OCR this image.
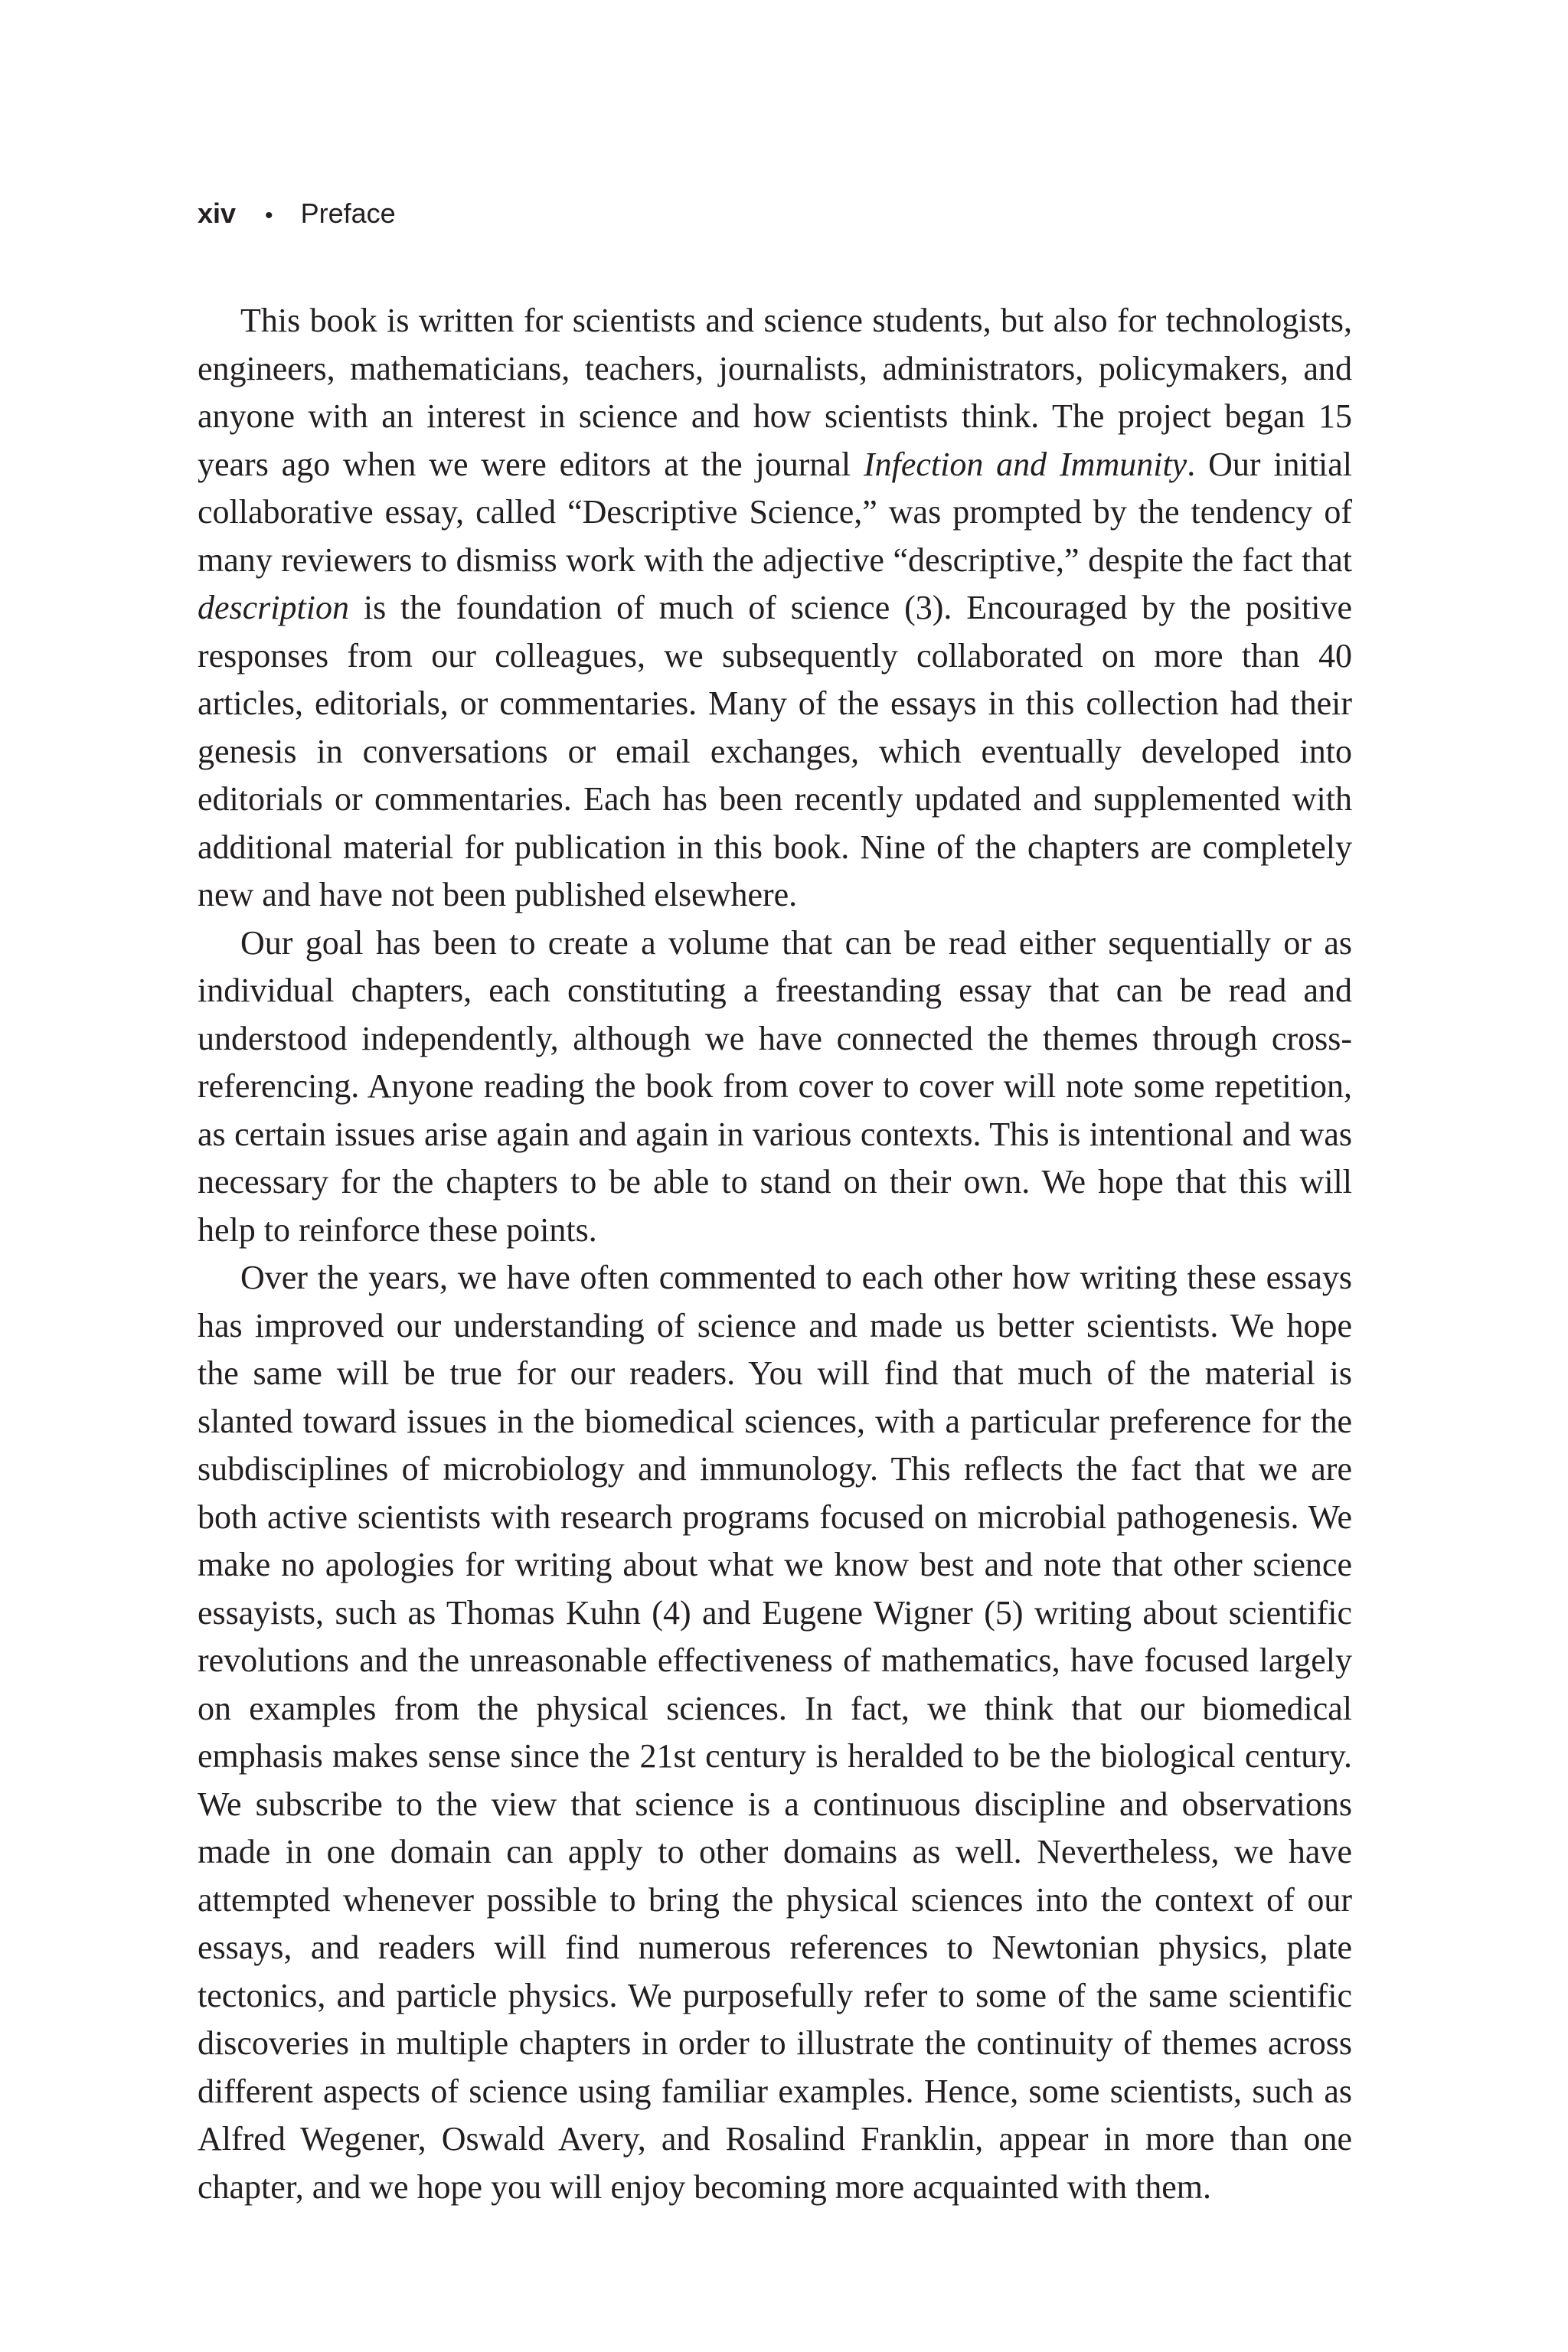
xiv • Preface

This book is written for scientists and science students, but also for technologists, engineers, mathematicians, teachers, journalists, administrators, policymakers, and anyone with an interest in science and how scientists think. The project began 15 years ago when we were editors at the journal Infection and Immunity. Our initial collaborative essay, called “Descriptive Science,” was prompted by the tendency of many reviewers to dismiss work with the adjective “descriptive,” despite the fact that description is the foundation of much of science (3). Encouraged by the positive responses from our colleagues, we subsequently collaborated on more than 40 articles, editorials, or commentaries. Many of the essays in this collection had their genesis in conversations or email exchanges, which eventually developed into editorials or commentaries. Each has been recently updated and supplemented with additional material for publication in this book. Nine of the chapters are completely new and have not been published elsewhere.

Our goal has been to create a volume that can be read either sequentially or as individual chapters, each constituting a freestanding essay that can be read and understood independently, although we have connected the themes through cross-referencing. Anyone reading the book from cover to cover will note some repetition, as certain issues arise again and again in various contexts. This is intentional and was necessary for the chapters to be able to stand on their own. We hope that this will help to reinforce these points.

Over the years, we have often commented to each other how writing these essays has improved our understanding of science and made us better scientists. We hope the same will be true for our readers. You will find that much of the material is slanted toward issues in the biomedical sciences, with a particular preference for the subdisciplines of microbiology and immunology. This reflects the fact that we are both active scientists with research programs focused on microbial pathogenesis. We make no apologies for writing about what we know best and note that other science essayists, such as Thomas Kuhn (4) and Eugene Wigner (5) writing about scientific revolutions and the unreasonable effectiveness of mathematics, have focused largely on examples from the physical sciences. In fact, we think that our biomedical emphasis makes sense since the 21st century is heralded to be the biological century. We subscribe to the view that science is a continuous discipline and observations made in one domain can apply to other domains as well. Nevertheless, we have attempted whenever possible to bring the physical sciences into the context of our essays, and readers will find numerous references to Newtonian physics, plate tectonics, and particle physics. We purposefully refer to some of the same scientific discoveries in multiple chapters in order to illustrate the continuity of themes across different aspects of science using familiar examples. Hence, some scientists, such as Alfred Wegener, Oswald Avery, and Rosalind Franklin, appear in more than one chapter, and we hope you will enjoy becoming more acquainted with them.
